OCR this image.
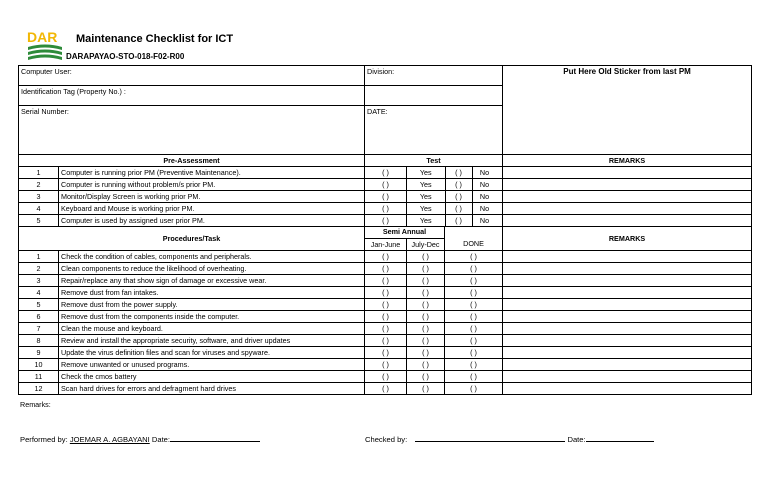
DAR Maintenance Checklist for ICT
DARAPAYAO-STO-018-F02-R00
Computer User:		Division:			Put Here Old Sticker from last PM
Identification Tag (Property No.) :					
Serial Number:		DATE:			
Pre-Assessment		Test			REMARKS
1	Computer is running prior PM (Preventive Maintenance).	( )	Yes	( ) No	
2	Computer is running without problem/s prior PM.	( )	Yes	( ) No	
3	Monitor/Display Screen is working prior PM.	( )	Yes	( ) No	
4	Keyboard and Mouse is working prior PM.	( )	Yes	( ) No	
5	Computer is used by assigned user prior PM.	( )	Yes	( ) No	
Procedures/Task		Semi Annual			REMARKS
		Jan-June	July-Dec	DONE	
1	Check the condition of cables, components and peripherals.	( )	( )	( )	
2	Clean components to reduce the likelihood of overheating.	( )	( )	( )	
3	Repair/replace any that show sign of damage or excessive wear.	( )	( )	( )	
4	Remove dust from fan intakes.	( )	( )	( )	
5	Remove dust from the power supply.	( )	( )	( )	
6	Remove dust from the components inside the computer.	( )	( )	( )	
7	Clean the mouse and keyboard.	( )	( )	( )	
8	Review and install the appropriate security, software, and driver updates	( )	( )	( )	
9	Update the virus definition files and scan for viruses and spyware.	( )	( )	( )	
10	Remove unwanted or unused programs.	( )	( )	( )	
11	Check the cmos battery	( )	( )	( )	
12	Scan hard drives for errors and defragment hard drives	( )	( )	( )	
Remarks:
Performed by: JOEMAR A. AGBAYANI Date:	Checked by:	Date:
